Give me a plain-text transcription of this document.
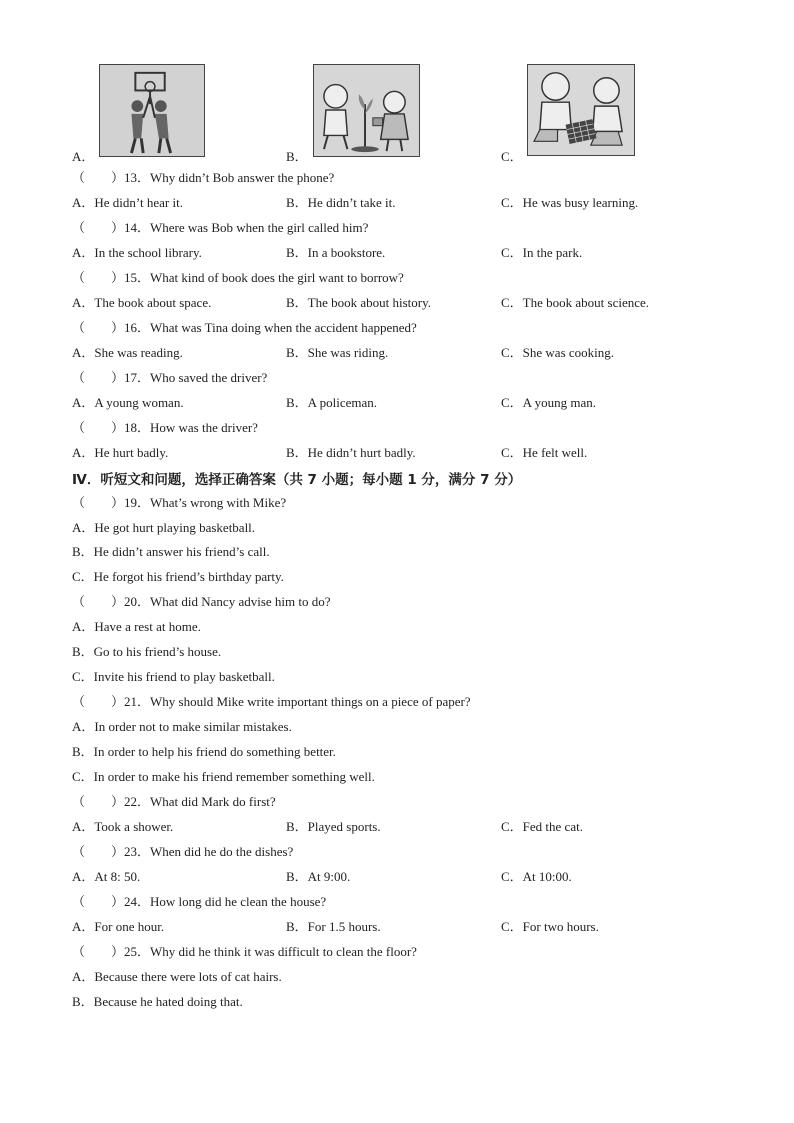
A．	B．	C．
（　　）13．Why didn’t Bob answer the phone?
A．He didn’t hear it.	B．He didn’t take it.	C．He was busy learning.
（　　）14．Where was Bob when the girl called him?
A．In the school library.	B．In a bookstore.	C．In the park.
（　　）15．What kind of book does the girl want to borrow?
A．The book about space.	B．The book about history.	C．The book about science.
（　　）16．What was Tina doing when the accident happened?
A．She was reading.	B．She was riding.	C．She was cooking.
（　　）17．Who saved the driver?
A．A young woman.	B．A policeman.	C．A young man.
（　　）18．How was the driver?
A．He hurt badly.	B．He didn’t hurt badly.	C．He felt well.
Ⅳ．听短文和问题，选择正确答案（共 7 小题；每小题 1 分，满分 7 分）
（　　）19．What’s wrong with Mike?
A．He got hurt playing basketball.
B．He didn’t answer his friend’s call.
C．He forgot his friend’s birthday party.
（　　）20．What did Nancy advise him to do?
A．Have a rest at home.
B．Go to his friend’s house.
C．Invite his friend to play basketball.
（　　）21．Why should Mike write important things on a piece of paper?
A．In order not to make similar mistakes.
B．In order to help his friend do something better.
C．In order to make his friend remember something well.
（　　）22．What did Mark do first?
A．Took a shower.	B．Played sports.	C．Fed the cat.
（　　）23．When did he do the dishes?
A．At 8: 50.	B．At 9:00.	C．At 10:00.
（　　）24．How long did he clean the house?
A．For one hour.	B．For 1.5 hours.	C．For two hours.
（　　）25．Why did he think it was difficult to clean the floor?
A．Because there were lots of cat hairs.
B．Because he hated doing that.
